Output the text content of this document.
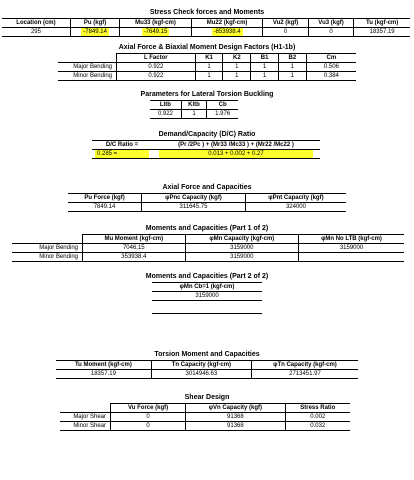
Stress Check forces and Moments
Location (cm)	Pu (kgf)	Mu33 (kgf-cm)	Mu22 (kgf-cm)	Vu2 (kgf)	Vu3 (kgf)	Tu (kgf-cm)
295	-7849.14	-7649.15	-853938.4	0	0	18357.19
Axial Force & Biaxial Moment Design Factors (H1-1b)
	L Factor	K1	K2	B1	B2	Cm
Major Bending	0.922	1	1	1	1	0.506
Minor Bending	0.922	1	1	1	1	0.384
Parameters for Lateral Torsion Buckling
Lltb	Kltb	Cb
0.922	1	1.976
Demand/Capacity (D/C) Ratio
D/C Ratio =	(Pr /2Pc ) + (Mr33 /Mc33 ) + (Mr22 /Mc22 )
0.285 =	0.013 + 0.002 + 0.27
Axial Force and Capacities
Pu Force (kgf)	φPnc Capacity (kgf)	φPnt Capacity (kgf)
7849.14	311645.75	324000
Moments and Capacities (Part 1 of 2)
	Mu Moment (kgf-cm)	φMn Capacity (kgf-cm)	φMn No LTB (kgf-cm)
Major Bending	7046.15	3159000	3159000
Minor Bending	353938.4	3159000	
Moments and Capacities (Part 2 of 2)
φMn Cb=1 (kgf-cm)
3159000

Torsion Moment and Capacities
Tu Moment (kgf-cm)	Tn Capacity (kgf-cm)	φTn Capacity (kgf-cm)
18357.19	3014946.63	2713451.97
Shear Design
	Vu Force (kgf)	φVn Capacity (kgf)	Stress Ratio
Major Shear	0	91368	0.002
Minor Shear	0	91368	0.032
